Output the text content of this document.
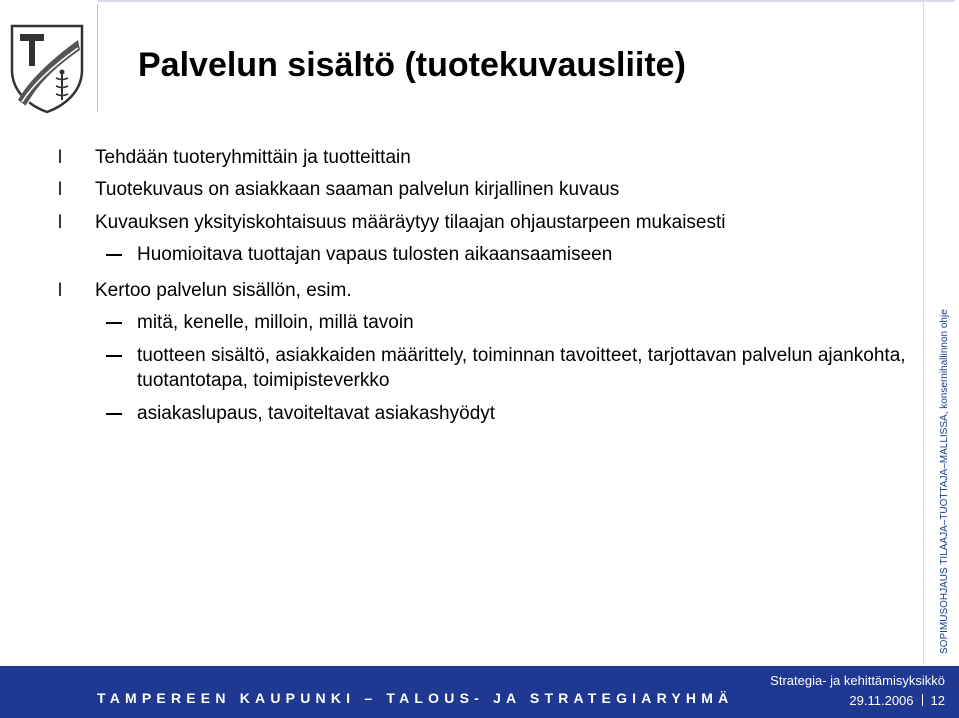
Palvelun sisältö (tuotekuvausliite)
l	Tehdään tuoteryhmittäin ja tuotteittain
l	Tuotekuvaus on asiakkaan saaman palvelun kirjallinen kuvaus
l	Kuvauksen yksityiskohtaisuus määräytyy tilaajan ohjaustarpeen mukaisesti
Huomioitava tuottajan vapaus tulosten aikaansaamiseen
l	Kertoo palvelun sisällön, esim.
mitä, kenelle, milloin, millä tavoin
tuotteen sisältö, asiakkaiden määrittely, toiminnan tavoitteet, tarjottavan palvelun ajankohta, tuotantotapa, toimipisteverkko
asiakaslupaus, tavoiteltavat asiakashyödyt	SOPIMUSOHJAUS TILAAJA–TUOTTAJA–MALLISSA, konsernihallinnon ohje
TAMPEREEN KAUPUNKI – TALOUS- JA STRATEGIARYHMÄ
Strategia- ja kehittämisyksikkö
29.11.2006 12
